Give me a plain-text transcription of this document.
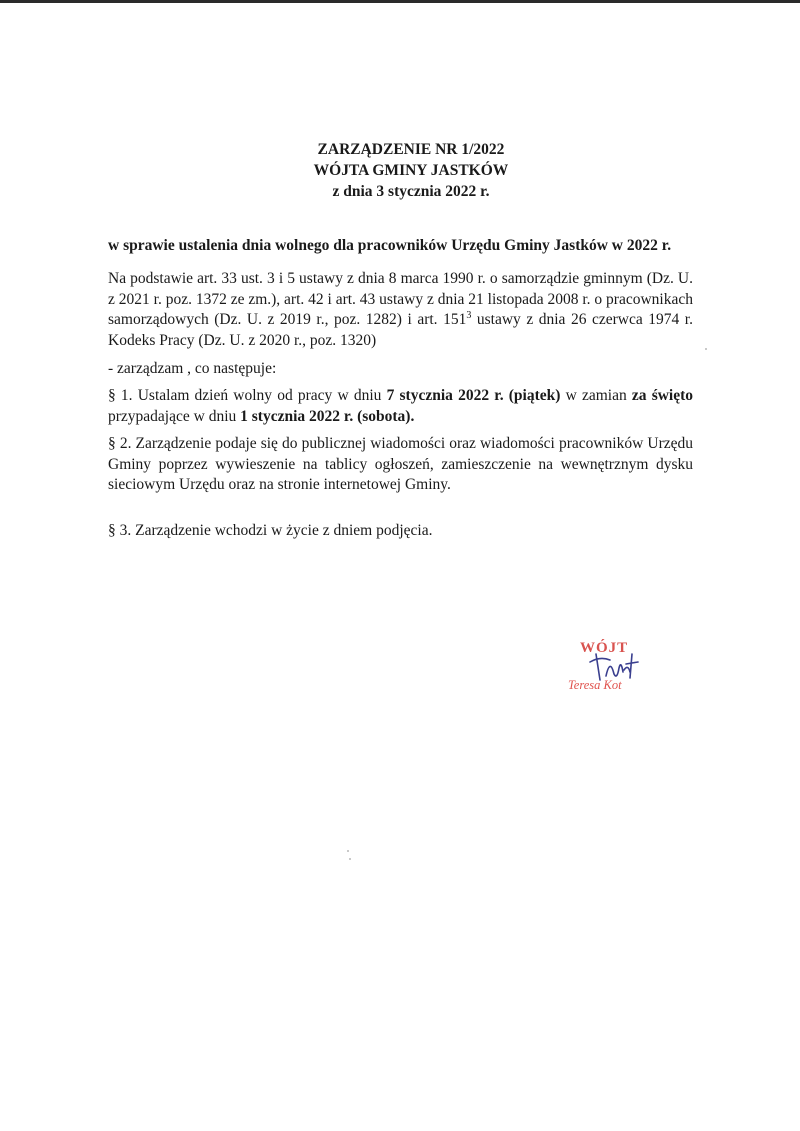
ZARZĄDZENIE NR 1/2022
WÓJTA GMINY JASTKÓW
z dnia 3 stycznia 2022 r.
w sprawie ustalenia dnia wolnego dla pracowników Urzędu Gminy Jastków w 2022 r.
Na podstawie art. 33 ust. 3 i 5 ustawy z dnia 8 marca 1990 r. o samorządzie gminnym (Dz. U. z 2021 r. poz. 1372 ze zm.), art. 42 i art. 43 ustawy z dnia 21 listopada 2008 r. o pracownikach samorządowych (Dz. U. z 2019 r., poz. 1282) i art. $151^3$ ustawy z dnia 26 czerwca 1974 r. Kodeks Pracy (Dz. U. z 2020 r., poz. 1320)
- zarządzam , co następuje:
§ 1. Ustalam dzień wolny od pracy w dniu 7 stycznia 2022 r. (piątek) w zamian za święto przypadające w dniu 1 stycznia 2022 r. (sobota).
§ 2. Zarządzenie podaje się do publicznej wiadomości oraz wiadomości pracowników Urzędu Gminy poprzez wywieszenie na tablicy ogłoszeń, zamieszczenie na wewnętrznym dysku sieciowym Urzędu oraz na stronie internetowej Gminy.
§ 3. Zarządzenie wchodzi w życie z dniem podjęcia.
WÓJT
Teresa Kot
